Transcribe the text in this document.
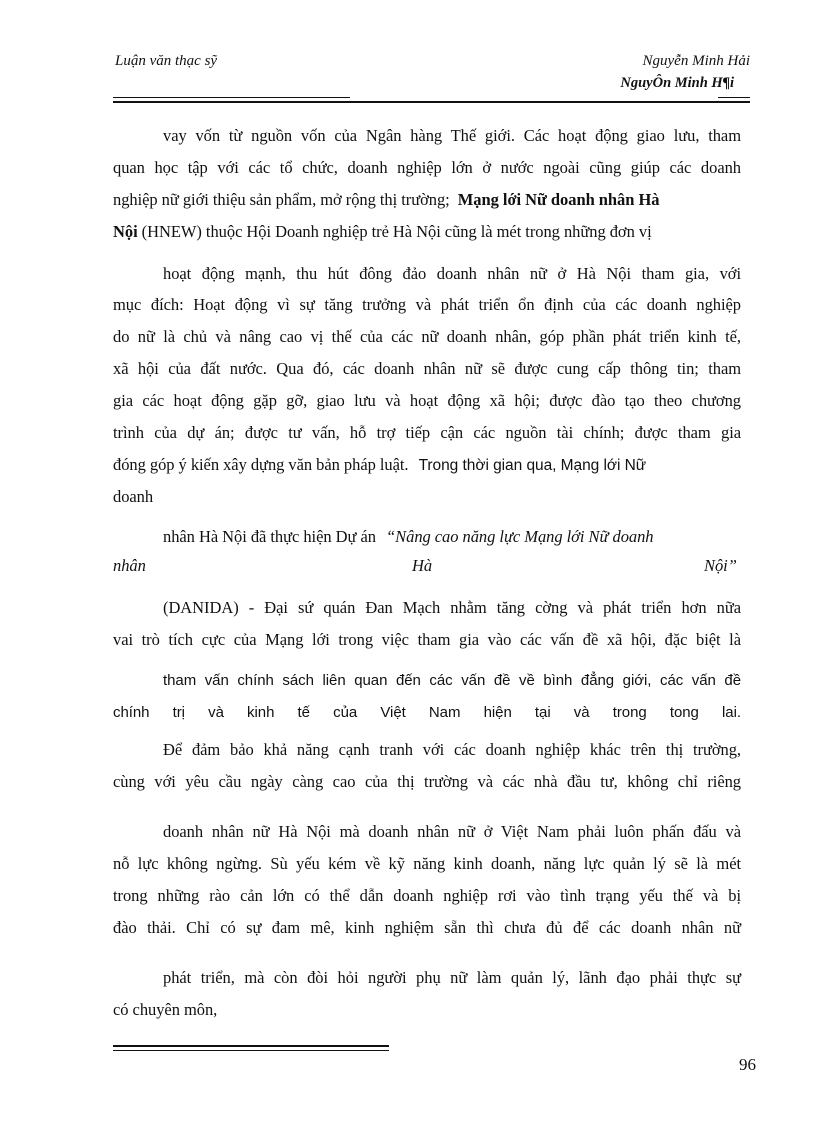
Luận văn thạc sỹ	Nguyễn Minh Hải
NguyÔn Minh H¶i
vay vốn từ nguồn vốn của Ngân hàng Thế giới. Các hoạt động giao lưu, tham
quan học tập với các tổ chức, doanh nghiệp lớn ở nước ngoài cũng giúp các doanh
nghiệp nữ giới thiệu sản phẩm, mở rộng thị trường; Mạng lới Nữ doanh nhân Hà
Nội (HNEW) thuộc Hội Doanh nghiệp trẻ Hà Nội cũng là mét trong những đơn vị
hoạt động mạnh, thu hút đông đảo doanh nhân nữ ở Hà Nội tham gia, với
mục đích: Hoạt động vì sự tăng trưởng và phát triển ổn định của các doanh nghiệp
do nữ là chủ và nâng cao vị thế của các nữ doanh nhân, góp phần phát triển kinh tế,
xã hội của đất nước. Qua đó, các doanh nhân nữ sẽ được cung cấp thông tin; tham
gia các hoạt động gặp gỡ, giao lưu và hoạt động xã hội; được đào tạo theo chương
trình của dự án; được tư vấn, hỗ trợ tiếp cận các nguồn tài chính; được tham gia
đóng góp ý kiến xây dựng văn bản pháp luật. Trong thời gian qua, Mạng lới Nữ
doanh
nhân Hà Nội đã thực hiện Dự án “Nâng cao năng lực Mạng lới Nữ doanh
nhân	Hà	Nội”
(DANIDA) - Đại sứ quán Đan Mạch nhằm tăng cờng và phát triển hơn nữa
vai trò tích cực của Mạng lới trong việc tham gia vào các vấn đề xã hội, đặc biệt là
tham vấn chính sách liên quan đến các vấn đề về bình đẳng giới, các vấn đề
chính trị và kinh tế của Việt Nam hiện tại và trong tong lai.
Để đảm bảo khả năng cạnh tranh với các doanh nghiệp khác trên thị trường,
cùng với yêu cầu ngày càng cao của thị trường và các nhà đầu tư, không chỉ riêng
doanh nhân nữ Hà Nội mà doanh nhân nữ ở Việt Nam phải luôn phấn đấu và
nỗ lực không ngừng. Sù yếu kém về kỹ năng kinh doanh, năng lực quản lý sẽ là mét
trong những rào cản lớn có thể dẫn doanh nghiệp rơi vào tình trạng yếu thế và bị
đào thải. Chỉ có sự đam mê, kinh nghiệm sẵn thì chưa đủ để các doanh nhân nữ
phát triển, mà còn đòi hỏi người phụ nữ làm quản lý, lãnh đạo phải thực sự
có chuyên môn,
96
